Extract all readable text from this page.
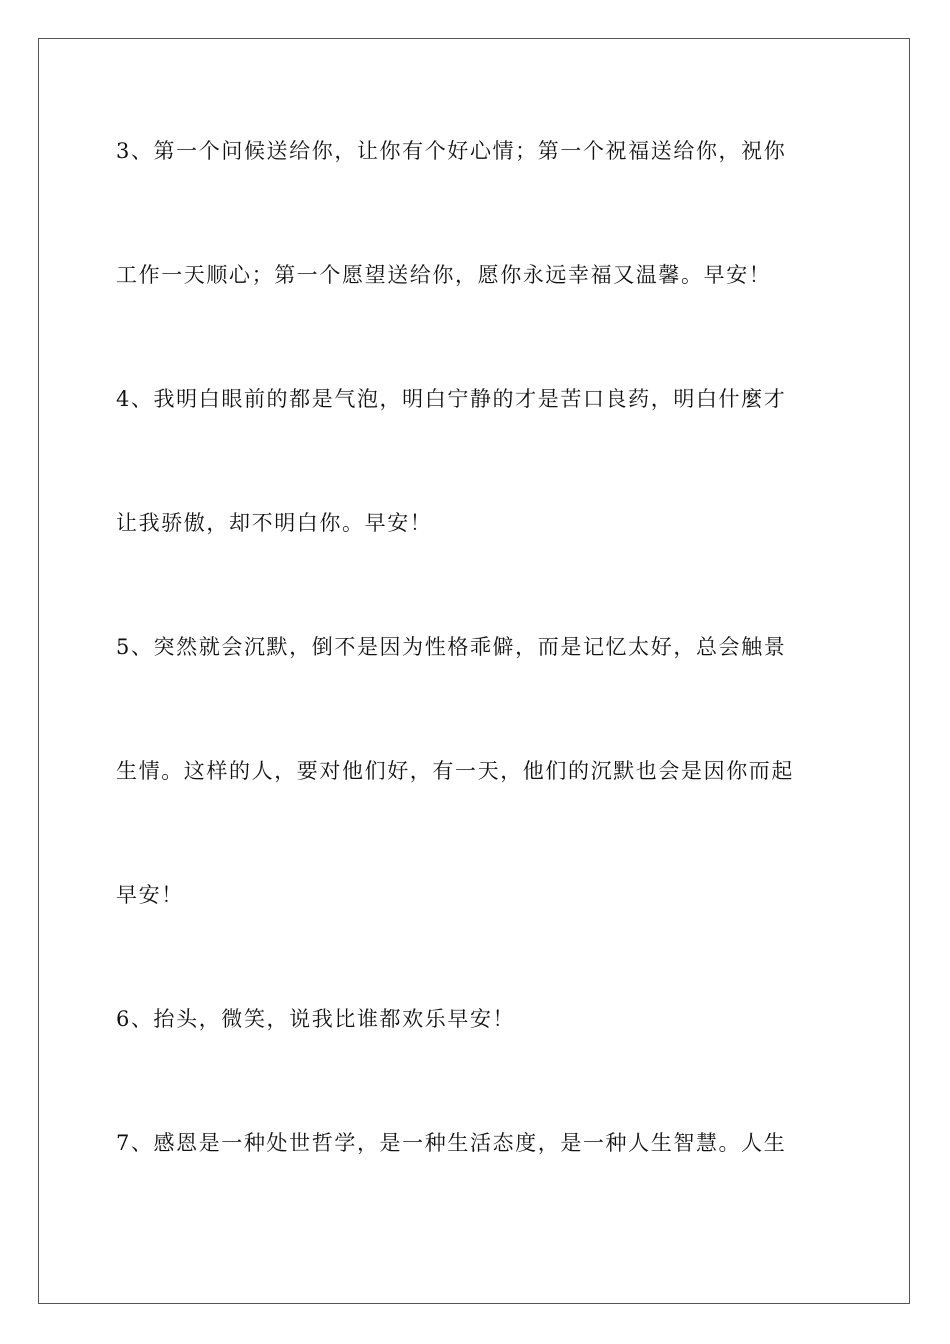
3、第一个问候送给你，让你有个好心情；第一个祝福送给你，祝你
工作一天顺心；第一个愿望送给你，愿你永远幸福又温馨。早安！
4、我明白眼前的都是气泡，明白宁静的才是苦口良药，明白什麼才
让我骄傲，却不明白你。早安！
5、突然就会沉默，倒不是因为性格乖僻，而是记忆太好，总会触景
生情。这样的人，要对他们好，有一天，他们的沉默也会是因你而起
早安！
6、抬头，微笑，说我比谁都欢乐早安！
7、感恩是一种处世哲学，是一种生活态度，是一种人生智慧。人生
